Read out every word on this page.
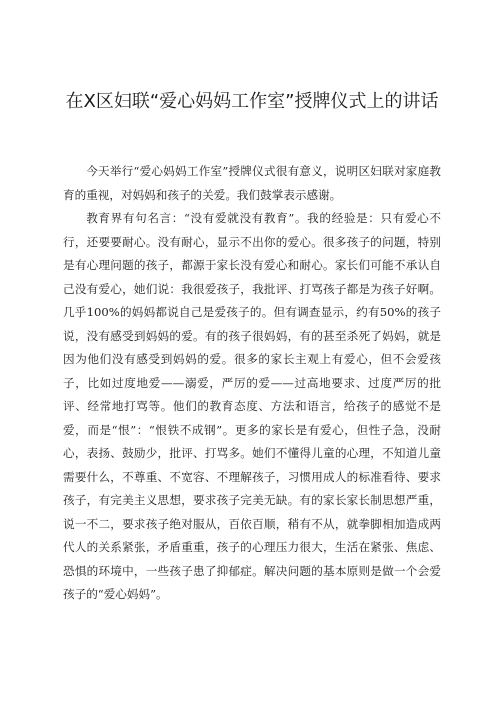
在X区妇联“爱心妈妈工作室”授牌仪式上的讲话

今天举行“爱心妈妈工作室”授牌仪式很有意义，说明区妇联对家庭教育的重视，对妈妈和孩子的关爱。我们鼓掌表示感谢。

教育界有句名言：“没有爱就没有教育”。我的经验是：只有爱心不行，还要要耐心。没有耐心，显示不出你的爱心。很多孩子的问题，特别是有心理问题的孩子，都源于家长没有爱心和耐心。家长们可能不承认自己没有爱心，她们说：我很爱孩子，我批评、打骂孩子都是为孩子好啊。几乎100%的妈妈都说自己是爱孩子的。但有调查显示，约有50%的孩子说，没有感受到妈妈的爱。有的孩子很妈妈，有的甚至杀死了妈妈，就是因为他们没有感受到妈妈的爱。很多的家长主观上有爱心，但不会爱孩子，比如过度地爱——溺爱，严厉的爱——过高地要求、过度严厉的批评、经常地打骂等。他们的教育态度、方法和语言，给孩子的感觉不是爱，而是“恨”：“恨铁不成钢”。更多的家长是有爱心，但性子急，没耐心，表扬、鼓励少，批评、打骂多。她们不懂得儿童的心理，不知道儿童需要什么，不尊重、不宽容、不理解孩子，习惯用成人的标准看待、要求孩子，有完美主义思想，要求孩子完美无缺。有的家长家长制思想严重，说一不二，要求孩子绝对服从，百依百顺，稍有不从，就拳脚相加造成两代人的关系紧张，矛盾重重，孩子的心理压力很大，生活在紧张、焦虑、恐惧的环境中，一些孩子患了抑郁症。解决问题的基本原则是做一个会爱孩子的“爱心妈妈”。
